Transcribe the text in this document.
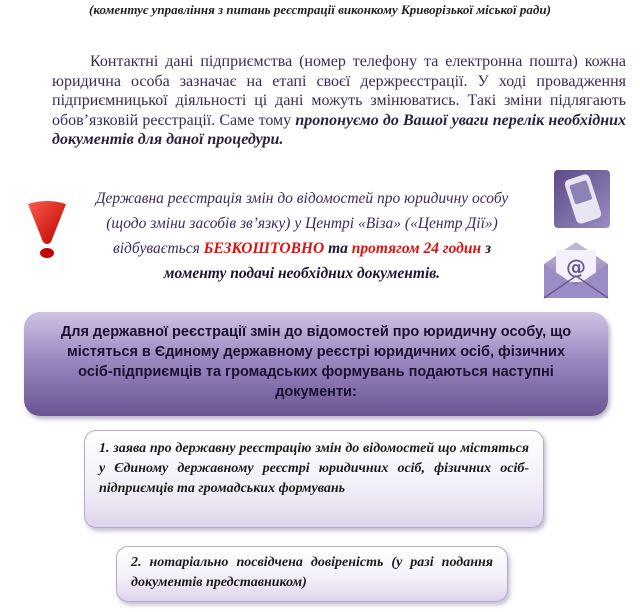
(коментує управління з питань реєстрації виконкому Криворізької міської ради)

Контактні дані підприємства (номер телефону та електронна пошта) кожна юридична особа зазначає на етапі своєї держреєстрації. У ході провадження підприємницької діяльності ці дані можуть змінюватись. Такі зміни підлягають обов’язковій реєстрації. Саме тому пропонуємо до Вашої уваги перелік необхідних документів для даної процедури.

Державна реєстрація змін до відомостей про юридичну особу (щодо зміни засобів зв’язку) у Центрі «Віза» («Центр Дії») відбувається БЕЗКОШТОВНО та протягом 24 годин з моменту подачі необхідних документів.	@

Для державної реєстрації змін до відомостей про юридичну особу, що містяться в Єдиному державному реєстрі юридичних осіб, фізичних осіб-підприємців та громадських формувань подаються наступні документи:

1. заява про державну реєстрацію змін до відомостей що містяться у Єдиному державному реєстрі юридичних осіб, фізичних осіб-підприємців та громадських формувань

2. нотаріально посвідчена довіреність (у разі подання документів представником)
